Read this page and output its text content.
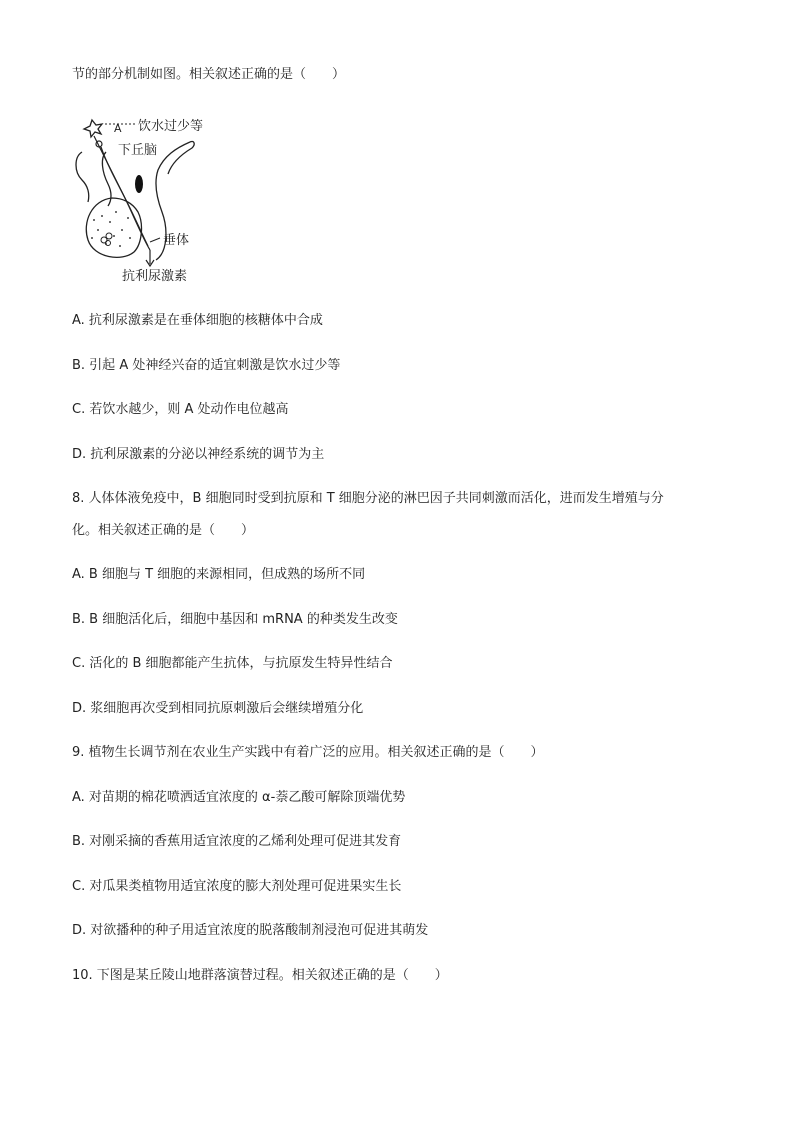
节的部分机制如图。相关叙述正确的是（　　）
饮水过少等
A
下丘脑
垂体
抗利尿激素
A. 抗利尿激素是在垂体细胞的核糖体中合成
B. 引起 A 处神经兴奋的适宜刺激是饮水过少等
C. 若饮水越少，则 A 处动作电位越高
D. 抗利尿激素的分泌以神经系统的调节为主
8. 人体体液免疫中，B 细胞同时受到抗原和 T 细胞分泌的淋巴因子共同刺激而活化，进而发生增殖与分
化。相关叙述正确的是（　　）
A. B 细胞与 T 细胞的来源相同，但成熟的场所不同
B. B 细胞活化后，细胞中基因和 mRNA 的种类发生改变
C. 活化的 B 细胞都能产生抗体，与抗原发生特异性结合
D. 浆细胞再次受到相同抗原刺激后会继续增殖分化
9. 植物生长调节剂在农业生产实践中有着广泛的应用。相关叙述正确的是（　　）
A. 对苗期的棉花喷洒适宜浓度的 α-萘乙酸可解除顶端优势
B. 对刚采摘的香蕉用适宜浓度的乙烯利处理可促进其发育
C. 对瓜果类植物用适宜浓度的膨大剂处理可促进果实生长
D. 对欲播种的种子用适宜浓度的脱落酸制剂浸泡可促进其萌发
10. 下图是某丘陵山地群落演替过程。相关叙述正确的是（　　）
